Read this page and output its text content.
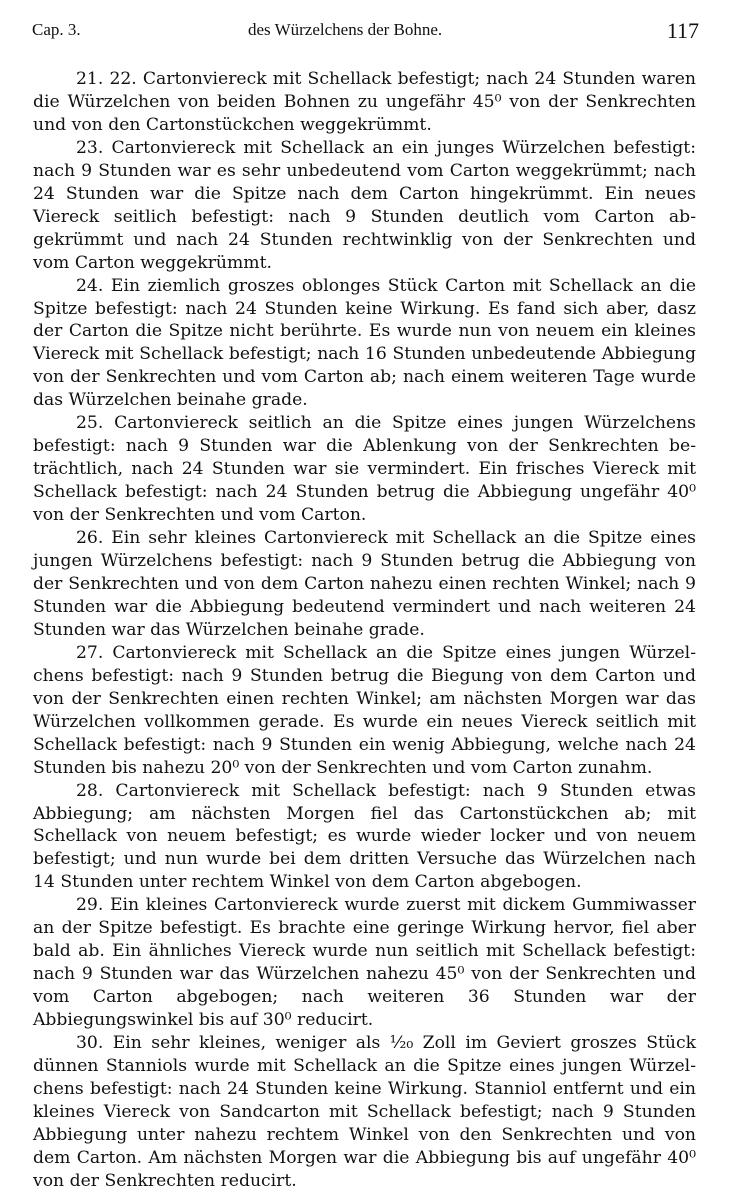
Cap. 3.	des Würzelchens der Bohne.	117

21. 22. Cartonviereck mit Schellack befestigt; nach 24 Stunden waren die Würzelchen von beiden Bohnen zu ungefähr 45⁰ von der Senkrechten und von den Cartonstückchen weggekrümmt.

23. Cartonviereck mit Schellack an ein junges Würzelchen befestigt: nach 9 Stunden war es sehr unbedeutend vom Carton weggekrümmt; nach 24 Stunden war die Spitze nach dem Carton hingekrümmt. Ein neues Viereck seitlich befestigt: nach 9 Stunden deutlich vom Carton abgekrümmt und nach 24 Stunden rechtwinklig von der Senkrechten und vom Carton weggekrümmt.

24. Ein ziemlich groszes oblonges Stück Carton mit Schellack an die Spitze befestigt: nach 24 Stunden keine Wirkung. Es fand sich aber, dasz der Carton die Spitze nicht berührte. Es wurde nun von neuem ein kleines Viereck mit Schellack befestigt; nach 16 Stunden unbedeutende Abbiegung von der Senkrechten und vom Carton ab; nach einem weiteren Tage wurde das Würzelchen beinahe grade.

25. Cartonviereck seitlich an die Spitze eines jungen Würzelchens befestigt: nach 9 Stunden war die Ablenkung von der Senkrechten beträchtlich, nach 24 Stunden war sie vermindert. Ein frisches Viereck mit Schellack befestigt: nach 24 Stunden betrug die Abbiegung ungefähr 40⁰ von der Senkrechten und vom Carton.

26. Ein sehr kleines Cartonviereck mit Schellack an die Spitze eines jungen Würzelchens befestigt: nach 9 Stunden betrug die Abbiegung von der Senkrechten und von dem Carton nahezu einen rechten Winkel; nach 9 Stunden war die Abbiegung bedeutend vermindert und nach weiteren 24 Stunden war das Würzelchen beinahe grade.

27. Cartonviereck mit Schellack an die Spitze eines jungen Würzelchens befestigt: nach 9 Stunden betrug die Biegung von dem Carton und von der Senkrechten einen rechten Winkel; am nächsten Morgen war das Würzelchen vollkommen gerade. Es wurde ein neues Viereck seitlich mit Schellack befestigt: nach 9 Stunden ein wenig Abbiegung, welche nach 24 Stunden bis nahezu 20⁰ von der Senkrechten und vom Carton zunahm.

28. Cartonviereck mit Schellack befestigt: nach 9 Stunden etwas Abbiegung; am nächsten Morgen fiel das Cartonstückchen ab; mit Schellack von neuem befestigt; es wurde wieder locker und von neuem befestigt; und nun wurde bei dem dritten Versuche das Würzelchen nach 14 Stunden unter rechtem Winkel von dem Carton abgebogen.

29. Ein kleines Cartonviereck wurde zuerst mit dickem Gummiwasser an der Spitze befestigt. Es brachte eine geringe Wirkung hervor, fiel aber bald ab. Ein ähnliches Viereck wurde nun seitlich mit Schellack befestigt: nach 9 Stunden war das Würzelchen nahezu 45⁰ von der Senkrechten und vom Carton abgebogen; nach weiteren 36 Stunden war der Abbiegungswinkel bis auf 30⁰ reducirt.

30. Ein sehr kleines, weniger als ¹⁄₂₀ Zoll im Geviert groszes Stück dünnen Stanniols wurde mit Schellack an die Spitze eines jungen Würzelchens befestigt: nach 24 Stunden keine Wirkung. Stanniol entfernt und ein kleines Viereck von Sandcarton mit Schellack befestigt; nach 9 Stunden Abbiegung unter nahezu rechtem Winkel von den Senkrechten und von dem Carton. Am nächsten Morgen war die Abbiegung bis auf ungefähr 40⁰ von der Senkrechten reducirt.
